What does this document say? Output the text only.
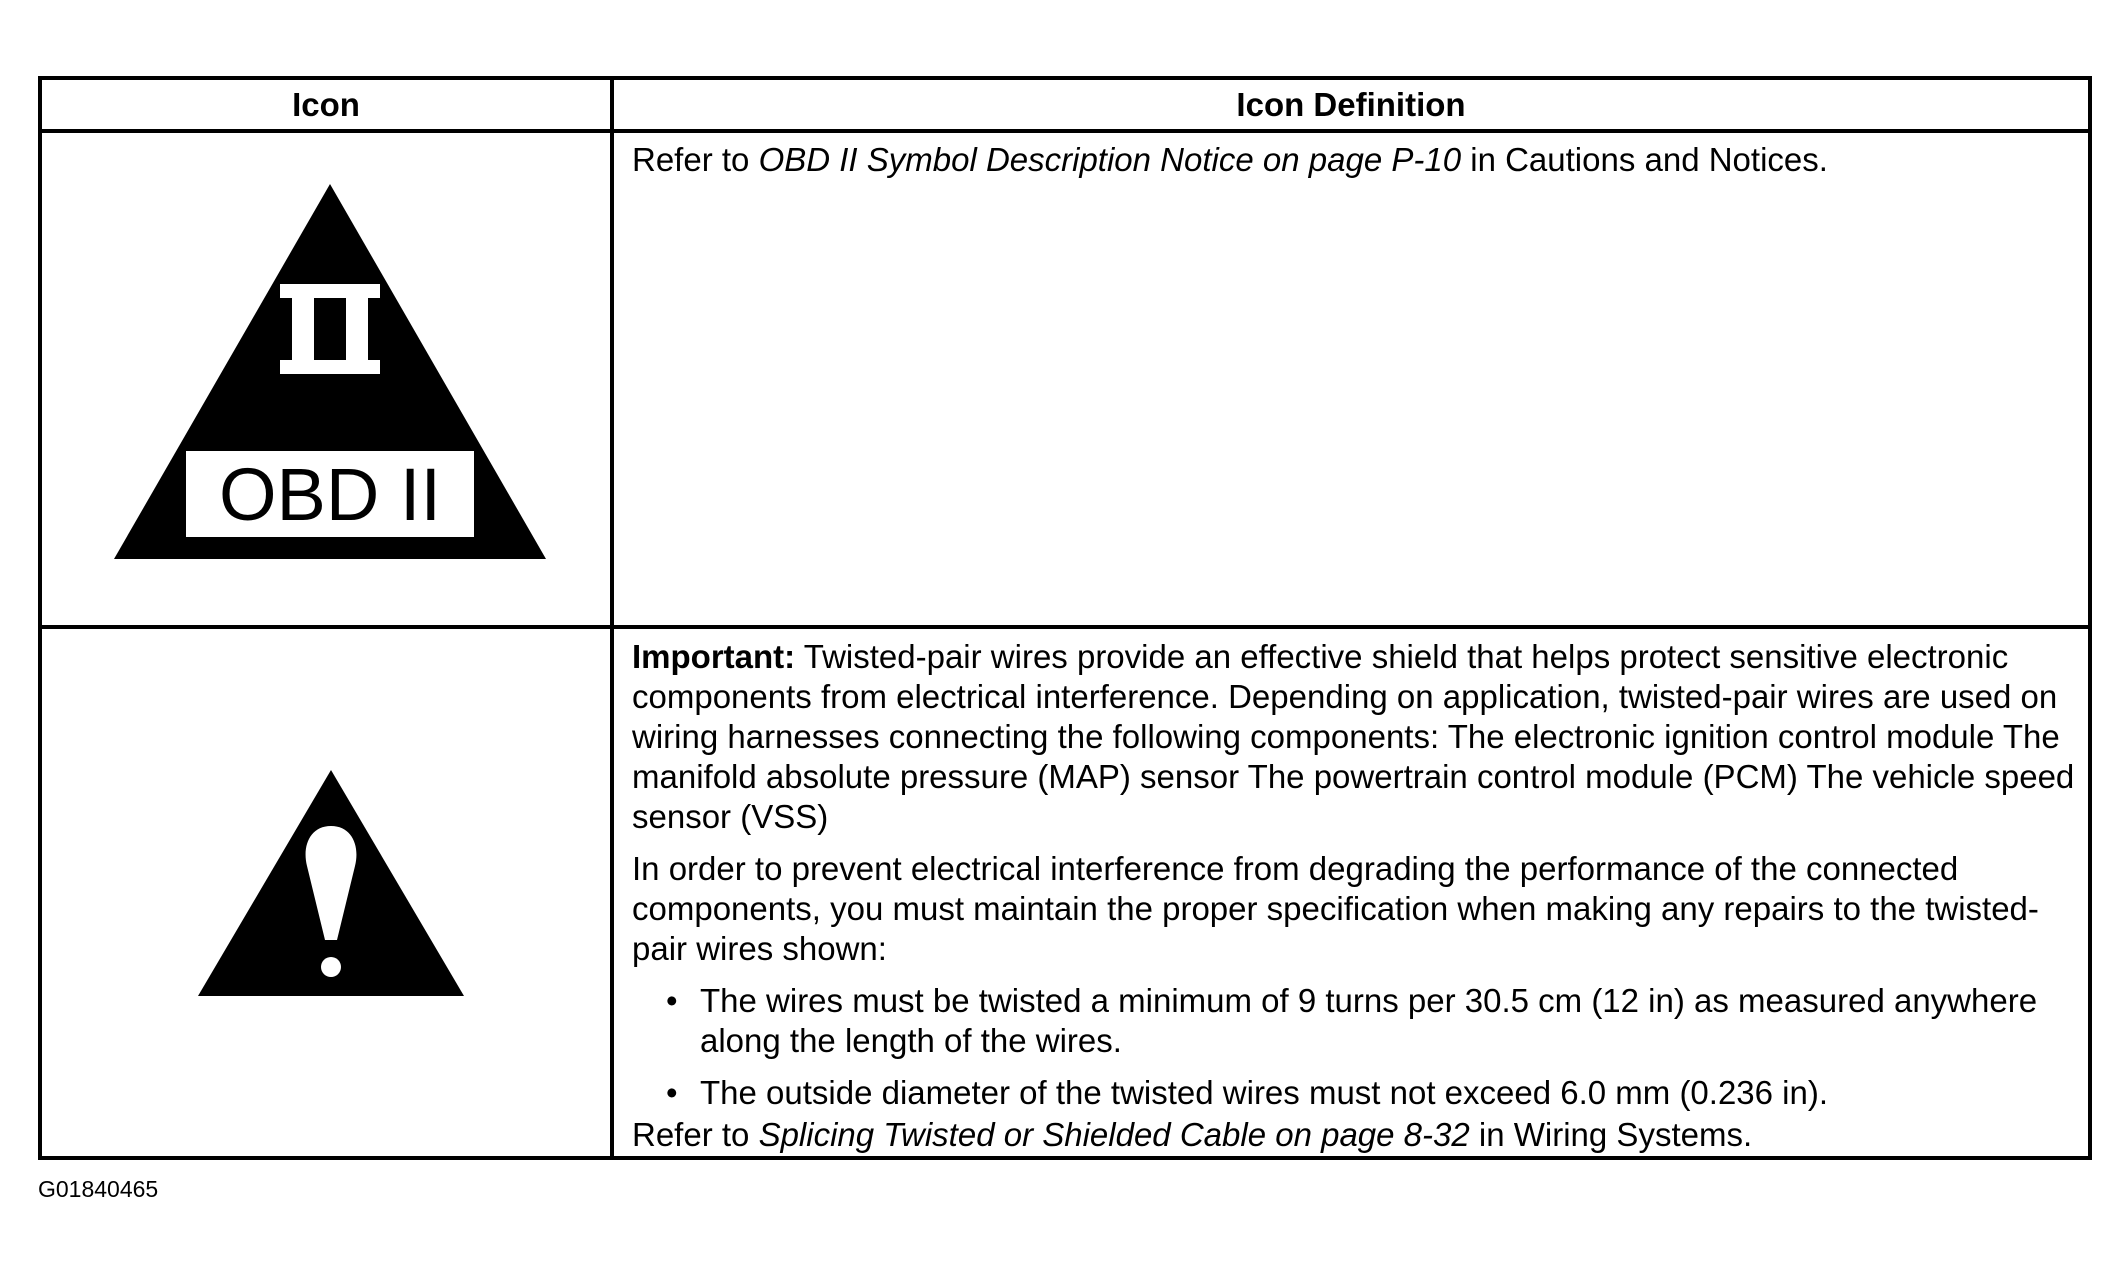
Icon	Icon Definition
OBD II

Refer to OBD II Symbol Description Notice on page P-10 in Cautions and Notices.

Important: Twisted-pair wires provide an effective shield that helps protect sensitive electronic components from electrical interference. Depending on application, twisted-pair wires are used on wiring harnesses connecting the following components: The electronic ignition control module The manifold absolute pressure (MAP) sensor The powertrain control module (PCM) The vehicle speed sensor (VSS)

In order to prevent electrical interference from degrading the performance of the connected components, you must maintain the proper specification when making any repairs to the twisted-pair wires shown:

• The wires must be twisted a minimum of 9 turns per 30.5 cm (12 in) as measured anywhere along the length of the wires.
• The outside diameter of the twisted wires must not exceed 6.0 mm (0.236 in).

Refer to Splicing Twisted or Shielded Cable on page 8-32 in Wiring Systems.

G01840465
